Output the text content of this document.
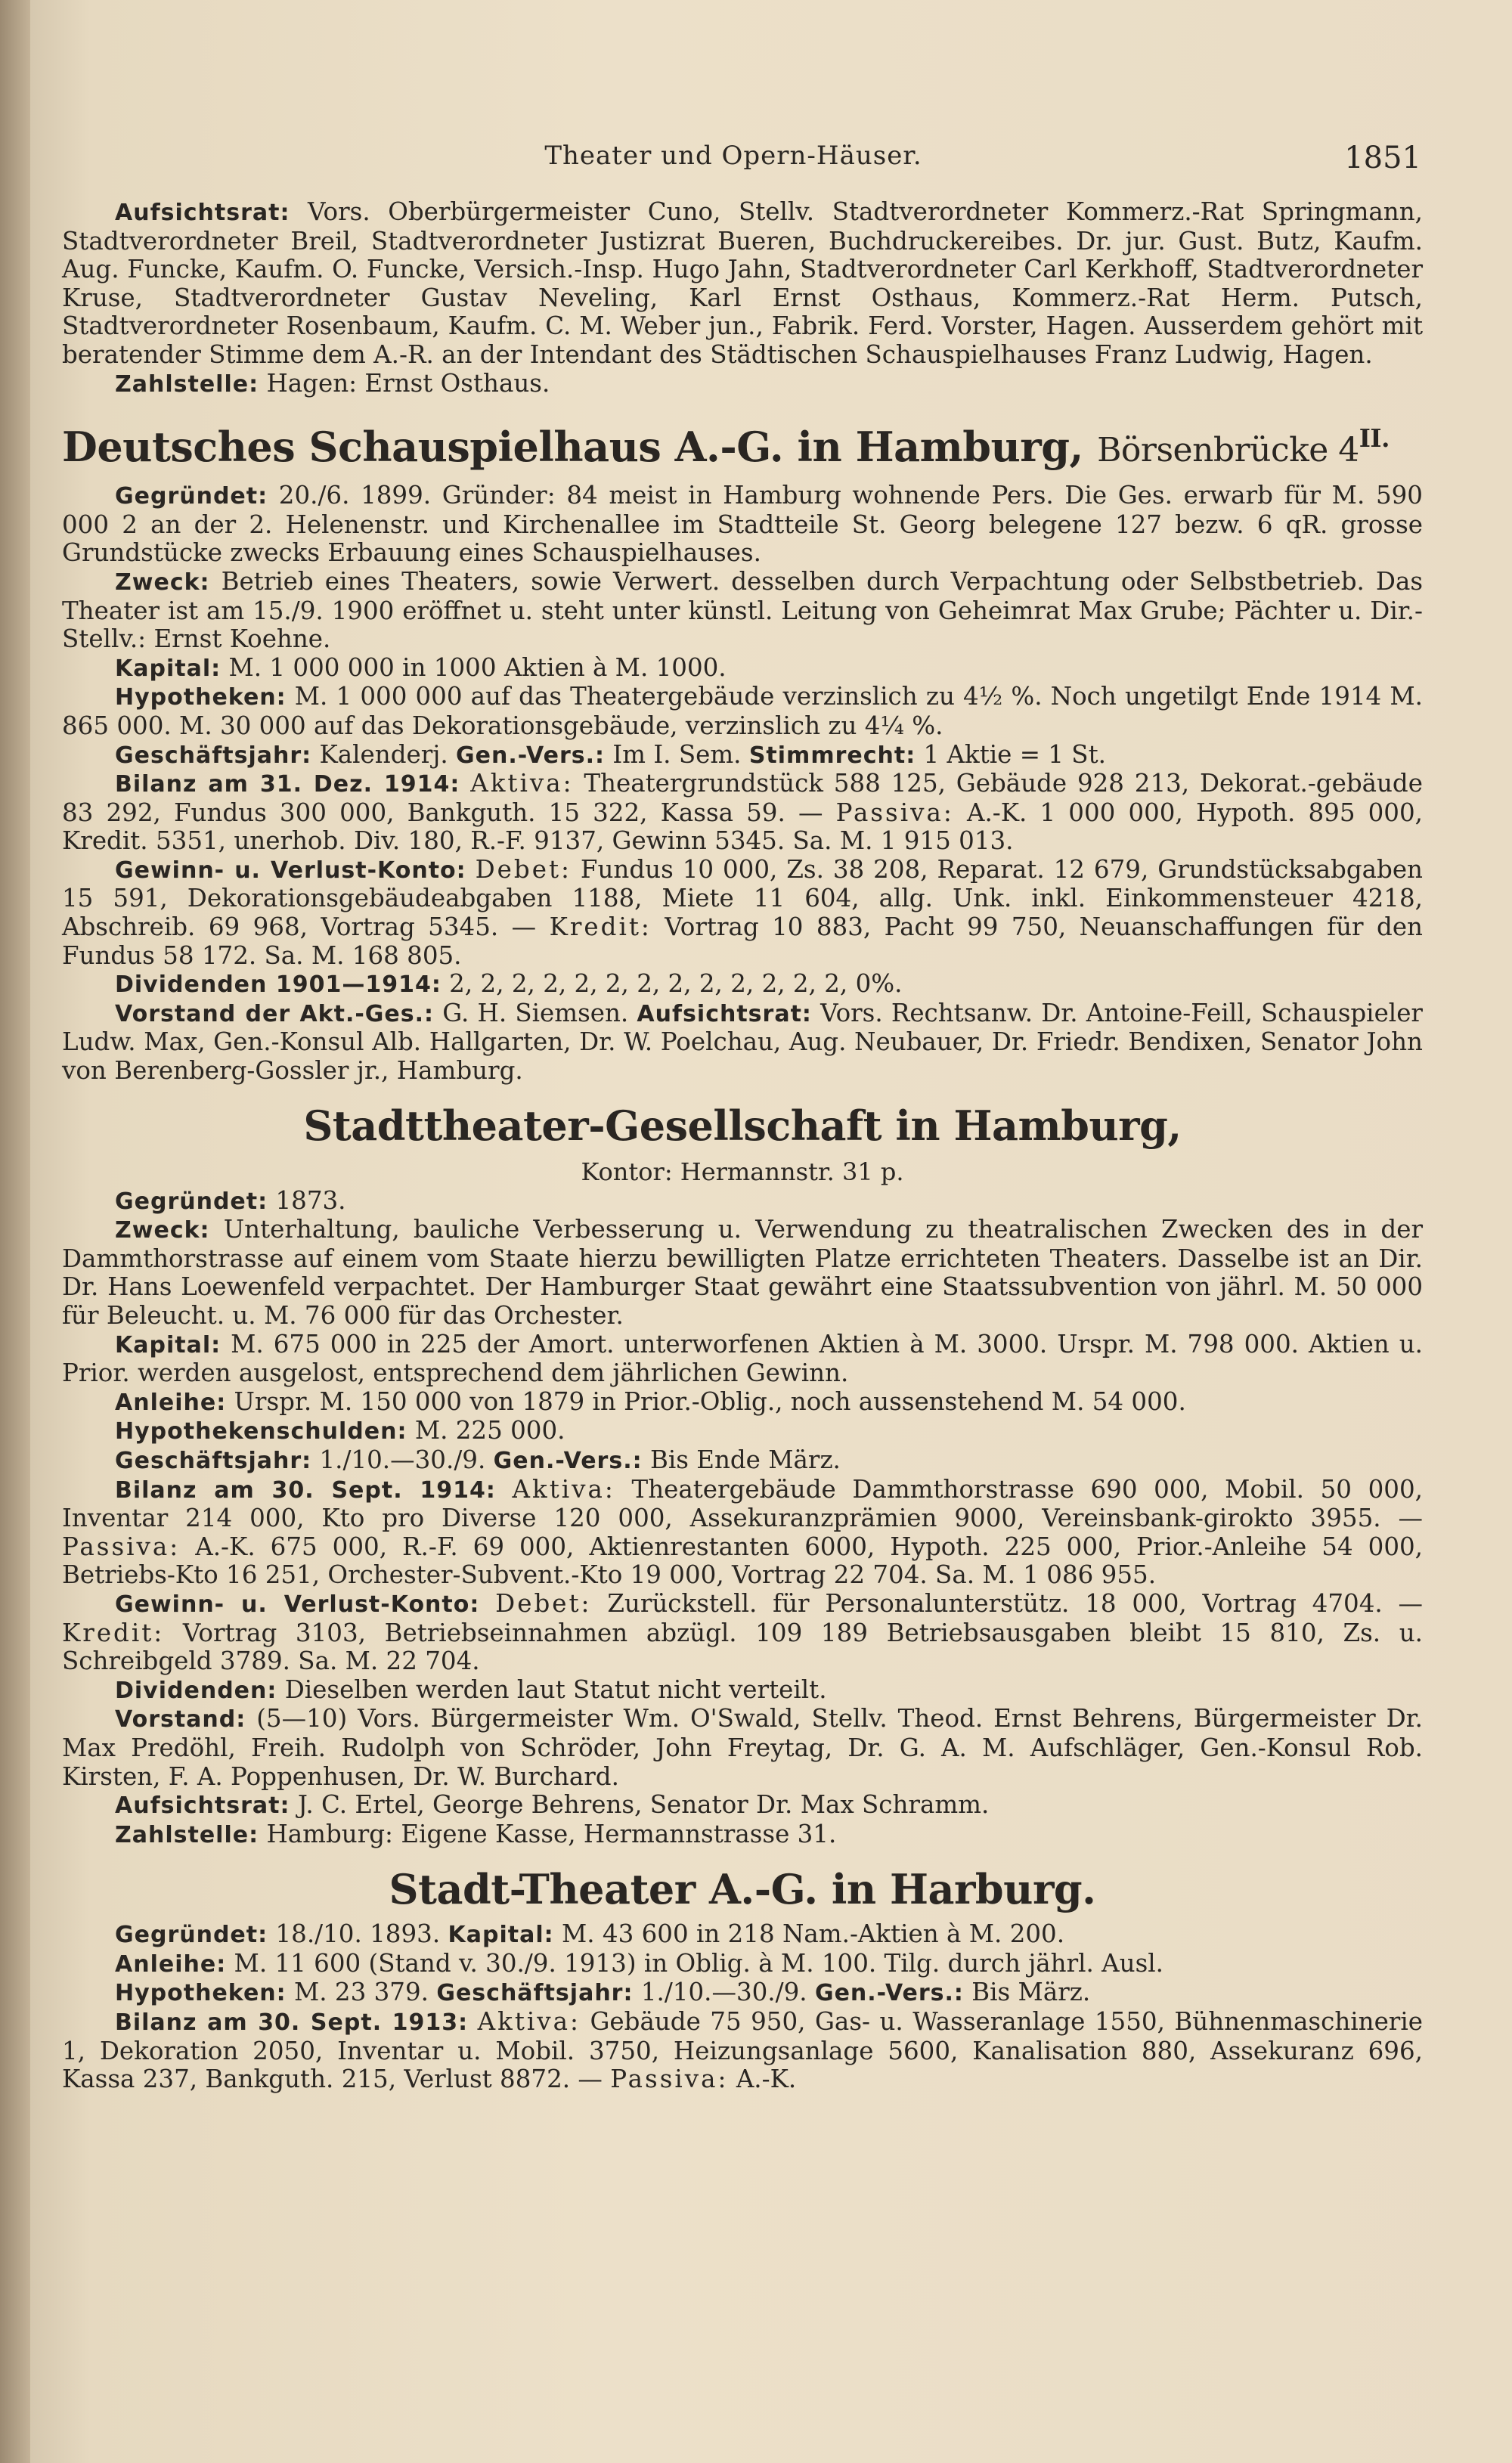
Theater und Opern-Häuser.	1851

Aufsichtsrat: Vors. Oberbürgermeister Cuno, Stellv. Stadtverordneter Kommerz.-Rat Springmann, Stadtverordneter Breil, Stadtverordneter Justizrat Bueren, Buchdruckereibes. Dr. jur. Gust. Butz, Kaufm. Aug. Funcke, Kaufm. O. Funcke, Versich.-Insp. Hugo Jahn, Stadtverordneter Carl Kerkhoff, Stadtverordneter Kruse, Stadtverordneter Gustav Neveling, Karl Ernst Osthaus, Kommerz.-Rat Herm. Putsch, Stadtverordneter Rosenbaum, Kaufm. C. M. Weber jun., Fabrik. Ferd. Vorster, Hagen. Ausserdem gehört mit beratender Stimme dem A.-R. an der Intendant des Städtischen Schauspielhauses Franz Ludwig, Hagen.

Zahlstelle: Hagen: Ernst Osthaus.

Deutsches Schauspielhaus A.-G. in Hamburg, Börsenbrücke $4^{II.}$

Gegründet: 20./6. 1899. Gründer: 84 meist in Hamburg wohnende Pers. Die Ges. erwarb für M. 590 000 2 an der 2. Helenenstr. und Kirchenallee im Stadtteile St. Georg belegene 127 bezw. 6 qR. grosse Grundstücke zwecks Erbauung eines Schauspielhauses.

Zweck: Betrieb eines Theaters, sowie Verwert. desselben durch Verpachtung oder Selbstbetrieb. Das Theater ist am 15./9. 1900 eröffnet u. steht unter künstl. Leitung von Geheimrat Max Grube; Pächter u. Dir.-Stellv.: Ernst Koehne.

Kapital: M. 1 000 000 in 1000 Aktien à M. 1000.

Hypotheken: M. 1 000 000 auf das Theatergebäude verzinslich zu 4½ %. Noch ungetilgt Ende 1914 M. 865 000. M. 30 000 auf das Dekorationsgebäude, verzinslich zu 4¼ %.

Geschäftsjahr: Kalenderj. Gen.-Vers.: Im I. Sem. Stimmrecht: 1 Aktie = 1 St.

Bilanz am 31. Dez. 1914: Aktiva: Theatergrundstück 588 125, Gebäude 928 213, Dekorat.-gebäude 83 292, Fundus 300 000, Bankguth. 15 322, Kassa 59. — Passiva: A.-K. 1 000 000, Hypoth. 895 000, Kredit. 5351, unerhob. Div. 180, R.-F. 9137, Gewinn 5345. Sa. M. 1 915 013.

Gewinn- u. Verlust-Konto: Debet: Fundus 10 000, Zs. 38 208, Reparat. 12 679, Grundstücksabgaben 15 591, Dekorationsgebäudeabgaben 1188, Miete 11 604, allg. Unk. inkl. Einkommensteuer 4218, Abschreib. 69 968, Vortrag 5345. — Kredit: Vortrag 10 883, Pacht 99 750, Neuanschaffungen für den Fundus 58 172. Sa. M. 168 805.

Dividenden 1901—1914: 2, 2, 2, 2, 2, 2, 2, 2, 2, 2, 2, 2, 2, 0%.

Vorstand der Akt.-Ges.: G. H. Siemsen. Aufsichtsrat: Vors. Rechtsanw. Dr. Antoine-Feill, Schauspieler Ludw. Max, Gen.-Konsul Alb. Hallgarten, Dr. W. Poelchau, Aug. Neubauer, Dr. Friedr. Bendixen, Senator John von Berenberg-Gossler jr., Hamburg.

Stadttheater-Gesellschaft in Hamburg,
Kontor: Hermannstr. 31 p.

Gegründet: 1873.

Zweck: Unterhaltung, bauliche Verbesserung u. Verwendung zu theatralischen Zwecken des in der Dammthorstrasse auf einem vom Staate hierzu bewilligten Platze errichteten Theaters. Dasselbe ist an Dir. Dr. Hans Loewenfeld verpachtet. Der Hamburger Staat gewährt eine Staatssubvention von jährl. M. 50 000 für Beleucht. u. M. 76 000 für das Orchester.

Kapital: M. 675 000 in 225 der Amort. unterworfenen Aktien à M. 3000. Urspr. M. 798 000. Aktien u. Prior. werden ausgelost, entsprechend dem jährlichen Gewinn.

Anleihe: Urspr. M. 150 000 von 1879 in Prior.-Oblig., noch aussenstehend M. 54 000.

Hypothekenschulden: M. 225 000.

Geschäftsjahr: 1./10.—30./9. Gen.-Vers.: Bis Ende März.

Bilanz am 30. Sept. 1914: Aktiva: Theatergebäude Dammthorstrasse 690 000, Mobil. 50 000, Inventar 214 000, Kto pro Diverse 120 000, Assekuranzprämien 9000, Vereinsbank-girokto 3955. — Passiva: A.-K. 675 000, R.-F. 69 000, Aktienrestanten 6000, Hypoth. 225 000, Prior.-Anleihe 54 000, Betriebs-Kto 16 251, Orchester-Subvent.-Kto 19 000, Vortrag 22 704. Sa. M. 1 086 955.

Gewinn- u. Verlust-Konto: Debet: Zurückstell. für Personalunterstütz. 18 000, Vortrag 4704. — Kredit: Vortrag 3103, Betriebseinnahmen abzügl. 109 189 Betriebsausgaben bleibt 15 810, Zs. u. Schreibgeld 3789. Sa. M. 22 704.

Dividenden: Dieselben werden laut Statut nicht verteilt.

Vorstand: (5—10) Vors. Bürgermeister Wm. O'Swald, Stellv. Theod. Ernst Behrens, Bürgermeister Dr. Max Predöhl, Freih. Rudolph von Schröder, John Freytag, Dr. G. A. M. Aufschläger, Gen.-Konsul Rob. Kirsten, F. A. Poppenhusen, Dr. W. Burchard.

Aufsichtsrat: J. C. Ertel, George Behrens, Senator Dr. Max Schramm.

Zahlstelle: Hamburg: Eigene Kasse, Hermannstrasse 31.

Stadt-Theater A.-G. in Harburg.

Gegründet: 18./10. 1893. Kapital: M. 43 600 in 218 Nam.-Aktien à M. 200.

Anleihe: M. 11 600 (Stand v. 30./9. 1913) in Oblig. à M. 100. Tilg. durch jährl. Ausl.

Hypotheken: M. 23 379. Geschäftsjahr: 1./10.—30./9. Gen.-Vers.: Bis März.

Bilanz am 30. Sept. 1913: Aktiva: Gebäude 75 950, Gas- u. Wasseranlage 1550, Bühnenmaschinerie 1, Dekoration 2050, Inventar u. Mobil. 3750, Heizungsanlage 5600, Kanalisation 880, Assekuranz 696, Kassa 237, Bankguth. 215, Verlust 8872. — Passiva: A.-K.
